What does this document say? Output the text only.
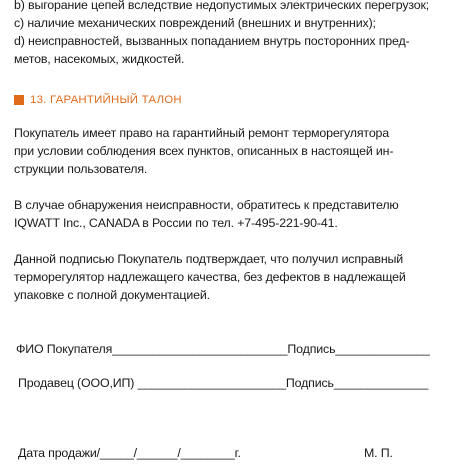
b) выгорание цепей вследствие недопустимых электрических перегрузок;
c) наличие механических повреждений (внешних и внутренних);
d) неисправностей, вызванных попаданием внутрь посторонних пред-
метов, насекомых, жидкостей.
13. ГАРАНТИЙНЫЙ ТАЛОН
Покупатель имеет право на гарантийный ремонт терморегулятора
при условии соблюдения всех пунктов, описанных в настоящей ин-
струкции пользователя.
В случае обнаружения неисправности, обратитесь к представителю
IQWATT Inc., CANADA в России по тел. +7-495-221-90-41.
Данной подписью Покупатель подтверждает, что получил исправный
терморегулятор надлежащего качества, без дефектов в надлежащей
упаковке с полной документацией.
ФИО Покупателя__________________________Подпись______________
Продавец (ООО,ИП) ______________________Подпись______________
Дата продажи/_____/______/________г.	М. П.
